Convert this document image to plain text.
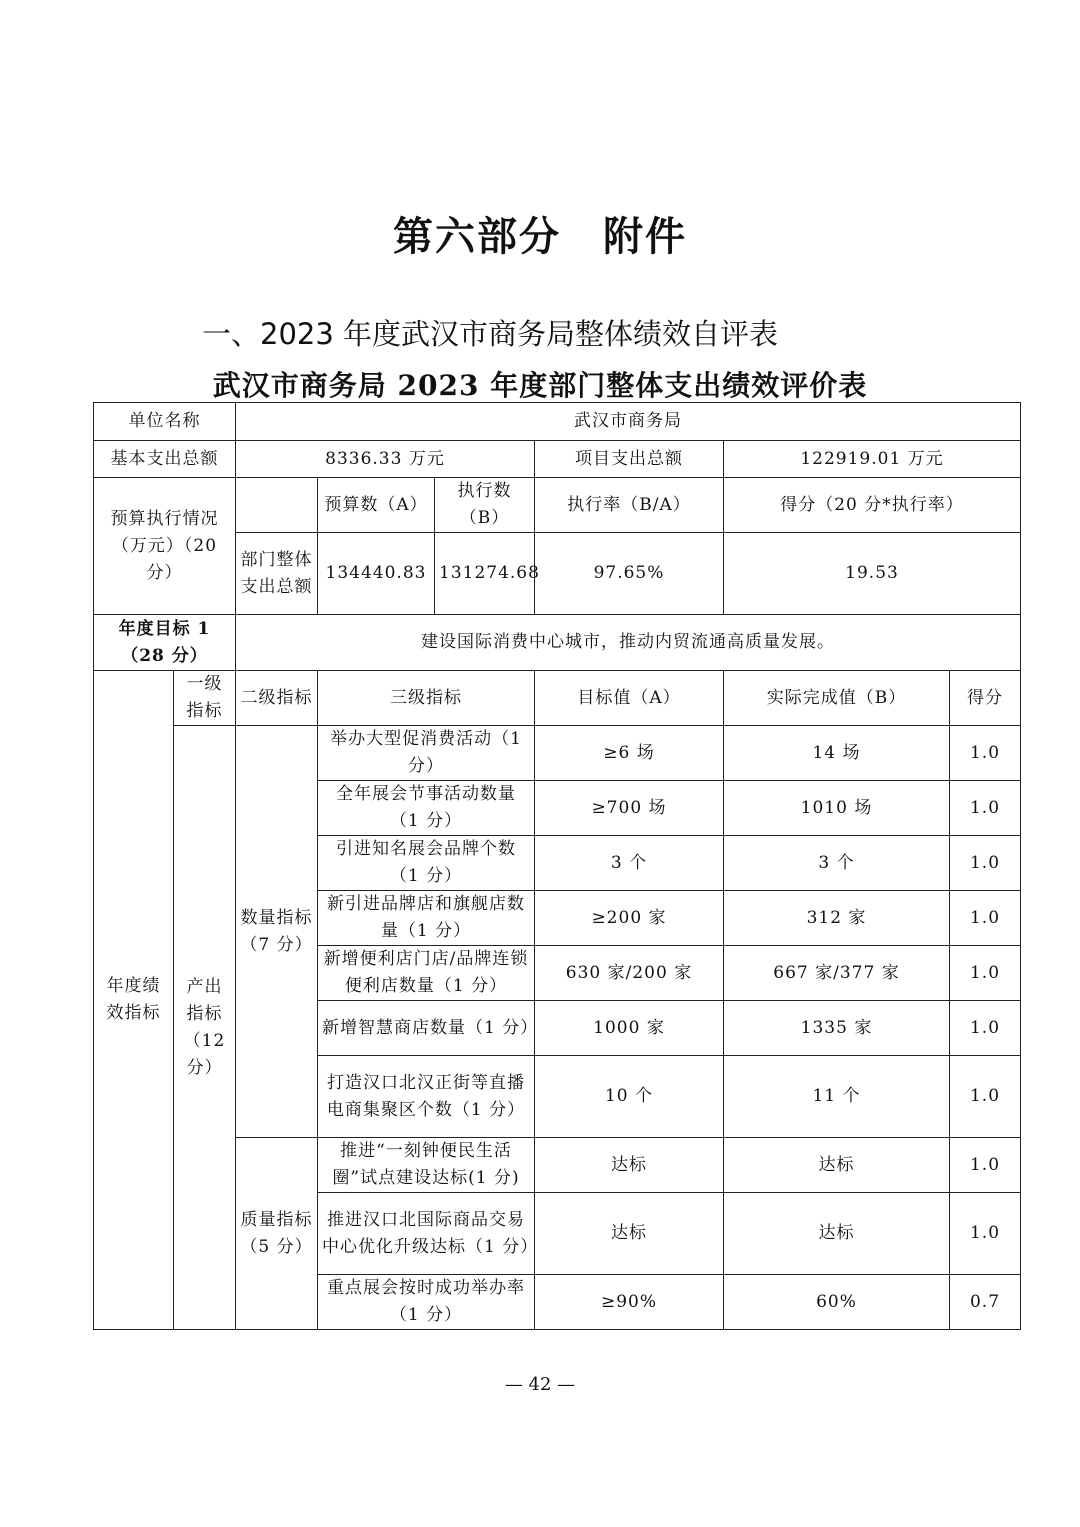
第六部分　附件
一、2023 年度武汉市商务局整体绩效自评表
武汉市商务局 2023 年度部门整体支出绩效评价表
单位名称		武汉市商务局					
基本支出总额		8336.33 万元			项目支出总额	122919.01 万元	
预算执行情况（万元）（20 分）			预算数（A）	执行数（B）	执行率（B/A）	得分（20 分*执行率）	
		部门整体支出总额	134440.83	131274.68	97.65%	19.53	
年度目标 1（28 分）		建设国际消费中心城市，推动内贸流通高质量发展。					
年度绩效指标	一级指标	二级指标	三级指标		目标值（A）	实际完成值（B）	得分
	产出指标（12 分）	数量指标（7 分）	举办大型促消费活动（1 分）		≥6 场	14 场	1.0
			全年展会节事活动数量（1 分）		≥700 场	1010 场	1.0
			引进知名展会品牌个数（1 分）		3 个	3 个	1.0
			新引进品牌店和旗舰店数量（1 分）		≥200 家	312 家	1.0
			新增便利店门店/品牌连锁便利店数量（1 分）		630 家/200 家	667 家/377 家	1.0
			新增智慧商店数量（1 分）		1000 家	1335 家	1.0
			打造汉口北汉正街等直播电商集聚区个数（1 分）		10 个	11 个	1.0
		质量指标（5 分）	推进“一刻钟便民生活圈”试点建设达标(1 分)		达标	达标	1.0
			推进汉口北国际商品交易中心优化升级达标（1 分）		达标	达标	1.0
			重点展会按时成功举办率（1 分）		≥90%	60%	0.7
— 42 —
